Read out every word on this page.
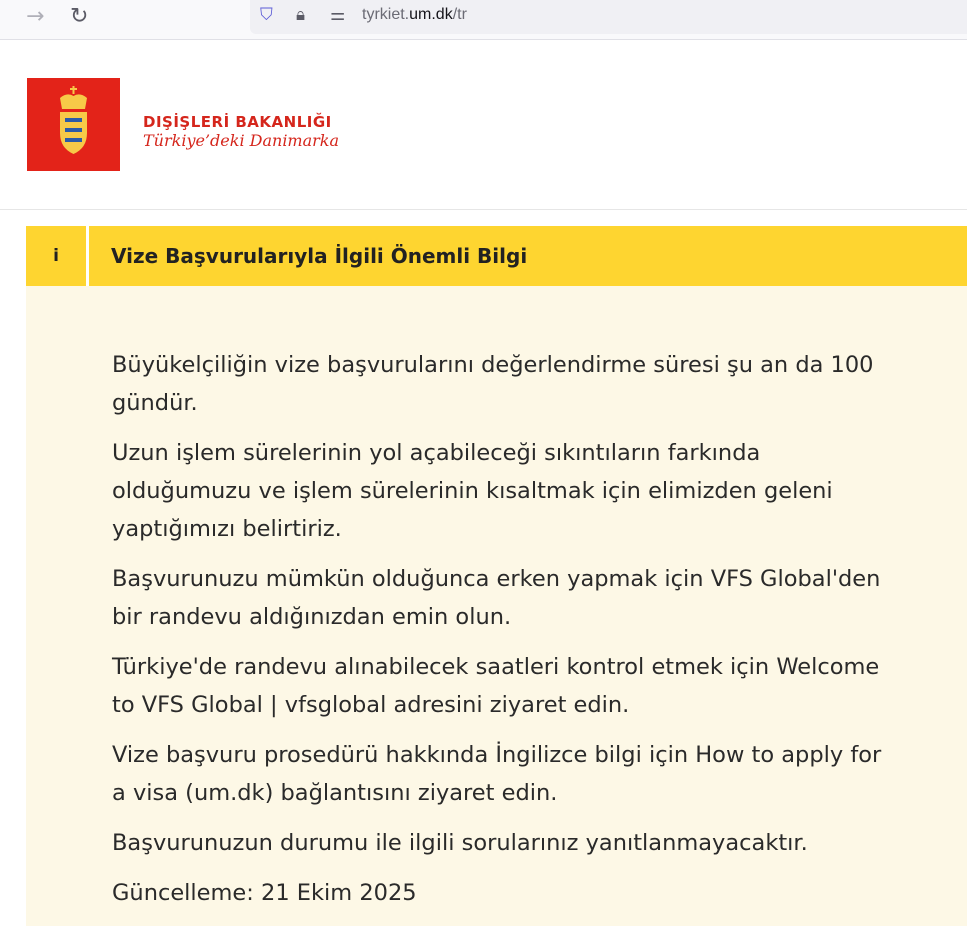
→ ↻	⛉ 🔒︎ ⚌ tyrkiet.um.dk/tr
DIŞİŞLERİ BAKANLIĞI
Türkiye’deki Danimarka
i	Vize Başvurularıyla İlgili Önemli Bilgi

Büyükelçiliğin vize başvurularını değerlendirme süresi şu an da 100 gündür.

Uzun işlem sürelerinin yol açabileceği sıkıntıların farkında olduğumuzu ve işlem sürelerinin kısaltmak için elimizden geleni yaptığımızı belirtiriz.

Başvurunuzu mümkün olduğunca erken yapmak için VFS Global'den bir randevu aldığınızdan emin olun.

Türkiye'de randevu alınabilecek saatleri kontrol etmek için Welcome to VFS Global | vfsglobal adresini ziyaret edin.

Vize başvuru prosedürü hakkında İngilizce bilgi için How to apply for a visa (um.dk) bağlantısını ziyaret edin.

Başvurunuzun durumu ile ilgili sorularınız yanıtlanmayacaktır.

Güncelleme: 21 Ekim 2025
